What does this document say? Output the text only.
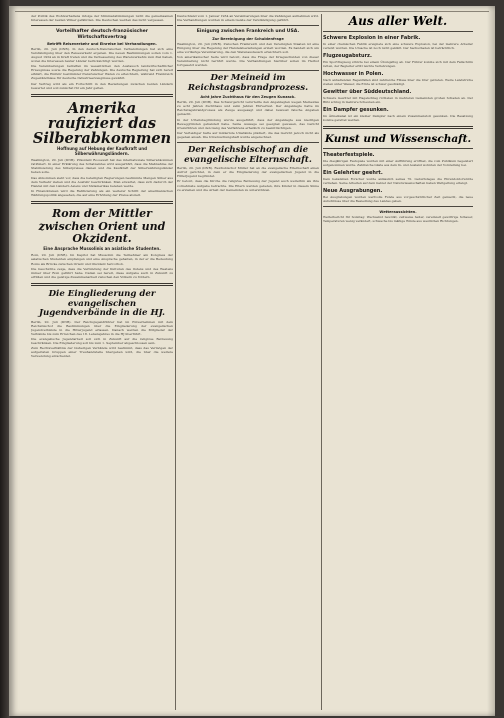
der Politik des Wohlverhaltens infolge der Stimmabstimmungen nicht die gemeinsamen Interessen der beiden Völker gefährden. Die Deutschen werden das nicht vergessen.

Vorteilhafter deutsch-französischer Wirtschaftsvertrag
Betrifft Reiseverkehr und Einreise bei Verhandlungen.

Berlin, 20. Juli (DNB). In den deutsch-französischen Verhandlungen hat sich eine Verständigung über den Reiseverkehr ergeben. Die neuen Bestimmungen sollen vom 1. August 1934 an in Kraft treten und die Verbesserung des Warenverkehrs zum Ziel haben, wobei die Interessen beider Länder berücksichtigt wurden.

Die Vereinbarungen betreffen im wesentlichen den Austausch landwirtschaftlicher Erzeugnisse sowie die Regelung der Zahlungen. Die deutsche Regierung hat sich bereit erklärt, die Einfuhr bestimmter französischer Waren zu erleichtern, während Frankreich Zugeständnisse für deutsche Industrieerzeugnisse gewährt.

Der Vertrag wird als ein Fortschritt in den Beziehungen zwischen beiden Ländern bewertet und soll zunächst für ein Jahr gelten.

Amerika raufiziert das Silberabkommen
Hoffnung auf Hebung der Kaufkraft und Silberwährungsländern.

Washington, 20. Juli (DNB). Präsident Roosevelt hat das internationale Silberabkommen ratifiziert. In einer Erklärung des Schatzamtes wird ausgeführt, dass die Maßnahme der Stabilisierung des Silberpreises dienen und die Kaufkraft der Silberwährungsländer heben solle.

Das Abkommen sieht vor, dass die beteiligten Regierungen bestimmte Mengen Silber aus dem Verkehr ziehen und die Ausfuhr beschränken. Man erwartet, dass sich dadurch der Handel mit den Ländern Asiens und Südamerikas beleben werde.

In Finanzkreisen wird die Ratifizierung als ein weiterer Schritt der amerikanischen Währungspolitik angesehen, die auf eine Erhöhung der Preise abzielt.

Rom der Mittler zwischen Orient und Okzident.
Eine Ansprache Mussolinis an asiatische Studenten.

Rom, 20. Juli (DNB). Im Kapitol hat Mussolini die Teilnehmer am Kongress der asiatischen Studenten empfangen und eine Ansprache gehalten, in der er die Bedeutung Roms als Brücke zwischen Orient und Okzident hervorhob.

Die Geschichte zeige, dass die Verbindung der Kulturen des Ostens und des Westens immer über Rom geführt habe. Italien sei bereit, diese Aufgabe auch in Zukunft zu erfüllen und die geistige Zusammenarbeit zwischen den Völkern zu fördern.

Die Eingliederung der evangelischen Jugendverbände in die HJ.

Berlin, 20. Juli (DNB). Der Reichsjugendführer hat im Einvernehmen mit dem Reichsbischof die Bestimmungen über die Eingliederung der evangelischen Jugendverbände in die Hitlerjugend erlassen. Danach werden die Mitglieder der Verbände bis zum Erreichen des 18. Lebensjahres in die HJ überführt.

Die evangelische Jugendarbeit soll sich in Zukunft auf die religiöse Betreuung beschränken. Die Eingliederung soll bis zum 1. September abgeschlossen sein.

Zum Rechtsverhältnis der bisherigen Verbände wird bestimmt, dass das Vermögen der aufgelösten Gruppen einer Treuhandstelle übergeben wird, die über die weitere Verwendung entscheidet.

Deutschland vom 1. Januar 1934 an Vereinbarungen über die Zahlungen aufnehmen wird. Die Verhandlungen wurden in einem Geiste der Verständigung geführt.

Einigung zwischen Frankreich und USA.
Zur Bereinigung der Schuldenfrage

Washington, 20. Juli (DNB). Zwischen Frankreich und den Vereinigten Staaten ist eine Einigung über die Regelung der Handelsbeziehungen erzielt worden. Es handelt sich um eine vorläufige Vereinbarung, die den Warenaustausch erleichtern soll.

Von amerikanischer Seite wird betont, dass die Frage der Kriegsschulden von dieser Vereinbarung nicht berührt werde. Die Verhandlungen hierüber sollen im Herbst fortgesetzt werden.

Der Meineid im Reichstagsbrandprozess.
Acht Jahre Zuchthaus für den Zeugen Kunzack.

Berlin, 20. Juli (DNB). Das Schwurgericht verurteilte den Angeklagten wegen Meineides zu acht Jahren Zuchthaus und zehn Jahren Ehrverlust. Der Angeklagte hatte im Reichstagsbrandprozess als Zeuge ausgesagt und dabei bewusst falsche Angaben gemacht.

In der Urteilsbegründung wurde ausgeführt, dass der Angeklagte aus niedrigen Beweggründen gehandelt habe. Seine Aussage sei geeignet gewesen, das Gericht irrezuführen und den Gang des Verfahrens erheblich zu beeinträchtigen.

Der Verteidiger hatte auf mildernde Umstände plädiert, die das Gericht jedoch nicht als gegeben ansah. Die Untersuchungshaft wurde angerechnet.

Der Reichsbischof an die evangelische Elternschaft.

Berlin, 20. Juli (DNB). Reichsbischof Müller hat an die evangelische Elternschaft einen Aufruf gerichtet, in dem er die Eingliederung der evangelischen Jugend in die Hitlerjugend begründet.

Er betont, dass die Kirche die religiöse Betreuung der Jugend auch weiterhin als ihre vornehmste Aufgabe betrachte. Die Eltern werden gebeten, ihre Kinder in diesem Sinne zu erziehen und die Arbeit der Gemeinden zu unterstützen.

Aus aller Welt.
Schwere Explosion in einer Fabrik.

In einer chemischen Fabrik ereignete sich eine schwere Explosion, bei der mehrere Arbeiter verletzt wurden. Die Ursache ist noch nicht geklärt. Der Sachschaden ist beträchtlich.

Flugzeugabsturz.

Ein Sportflugzeug stürzte bei einem Übungsflug ab. Der Führer konnte sich mit dem Fallschirm retten, der Begleiter erlitt leichte Verletzungen.

Hochwasser in Polen.

Nach anhaltenden Regenfällen sind zahlreiche Flüsse über die Ufer getreten. Weite Landstriche stehen unter Wasser, die Ernte ist schwer geschädigt.

Gewitter über Süddeutschland.

Schwere Gewitter mit Hagelschlag richteten in mehreren Gemeinden großen Schaden an. Der Blitz schlug in mehrere Scheunen ein.

Ein Dampfer gesunken.

Im Ärmelkanal ist ein kleiner Dampfer nach einem Zusammenstoß gesunken. Die Besatzung konnte gerettet werden.

Kunst und Wissenschaft.
Theaterfestspiele.

Die diesjährigen Festspiele wurden mit einer Aufführung eröffnet, die vom Publikum begeistert aufgenommen wurde. Zahlreiche Gäste aus dem In- und Ausland wohnten der Vorstellung bei.

Ein Gelehrter geehrt.

Dem bekannten Forscher wurde anlässlich seines 70. Geburtstages die Ehrendoktorwürde verliehen. Seine Arbeiten auf dem Gebiet der Naturwissenschaften haben Weltgeltung erlangt.

Neue Ausgrabungen.

Bei Ausgrabungen wurden wertvolle Funde aus vorgeschichtlicher Zeit gemacht, die neue Aufschlüsse über die Besiedlung des Landes geben.

Wetteraussichten.

Wetterbericht für Sonntag: Wechselnd bewölkt, zeitweise heiter, vereinzelt gewittrige Schauer, Temperaturen wenig verändert, schwache bis mäßige Winde aus westlichen Richtungen.
